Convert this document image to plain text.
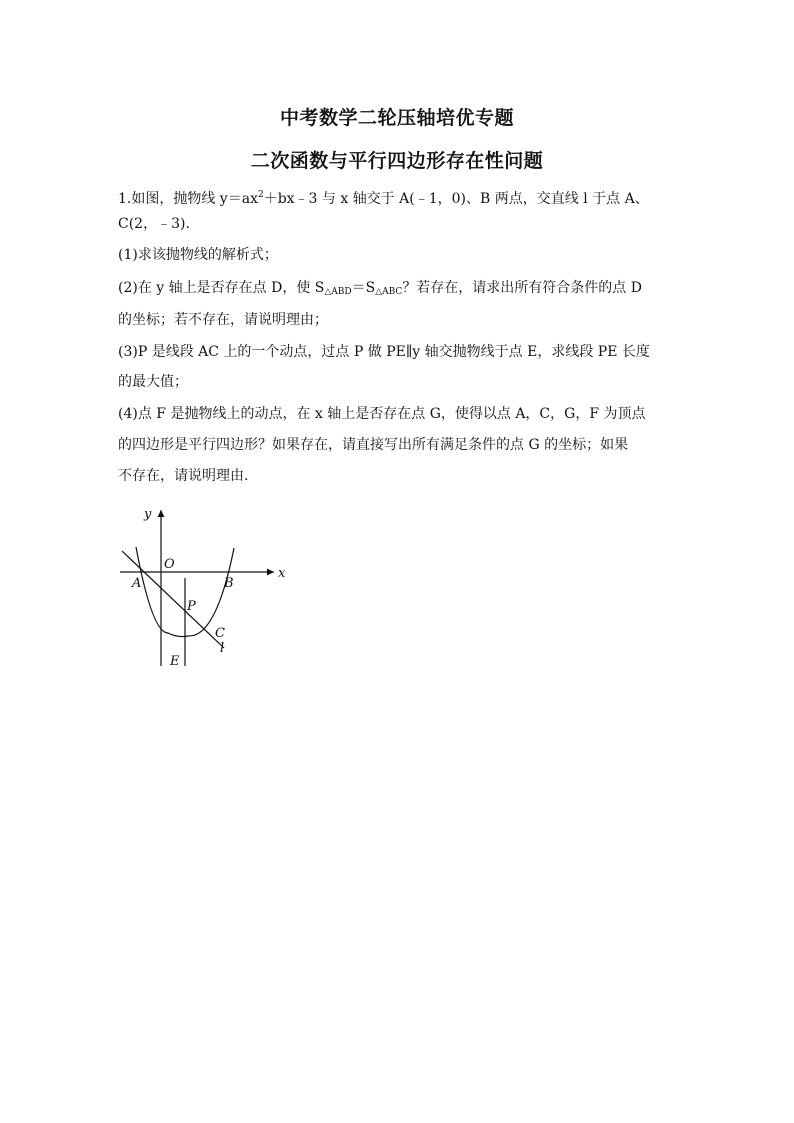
中考数学二轮压轴培优专题
二次函数与平行四边形存在性问题
1.如图，抛物线 $y=ax^2+bx﹣3$ 与 x 轴交于 A(﹣1，0)、B 两点，交直线 l 于点 A、
C(2，﹣3).
(1)求该抛物线的解析式；
(2)在 y 轴上是否存在点 D，使 $S_{\triangle ABD}=S_{\triangle ABC}$？若存在，请求出所有符合条件的点 D
的坐标；若不存在，请说明理由；
(3)P 是线段 AC 上的一个动点，过点 P 做 PE∥y 轴交抛物线于点 E，求线段 PE 长度
的最大值；
(4)点 F 是抛物线上的动点，在 x 轴上是否存在点 G，使得以点 A，C，G，F 为顶点
的四边形是平行四边形？如果存在，请直接写出所有满足条件的点 G 的坐标；如果
不存在，请说明理由.
y
x
O
A	B
P
C
l
E
